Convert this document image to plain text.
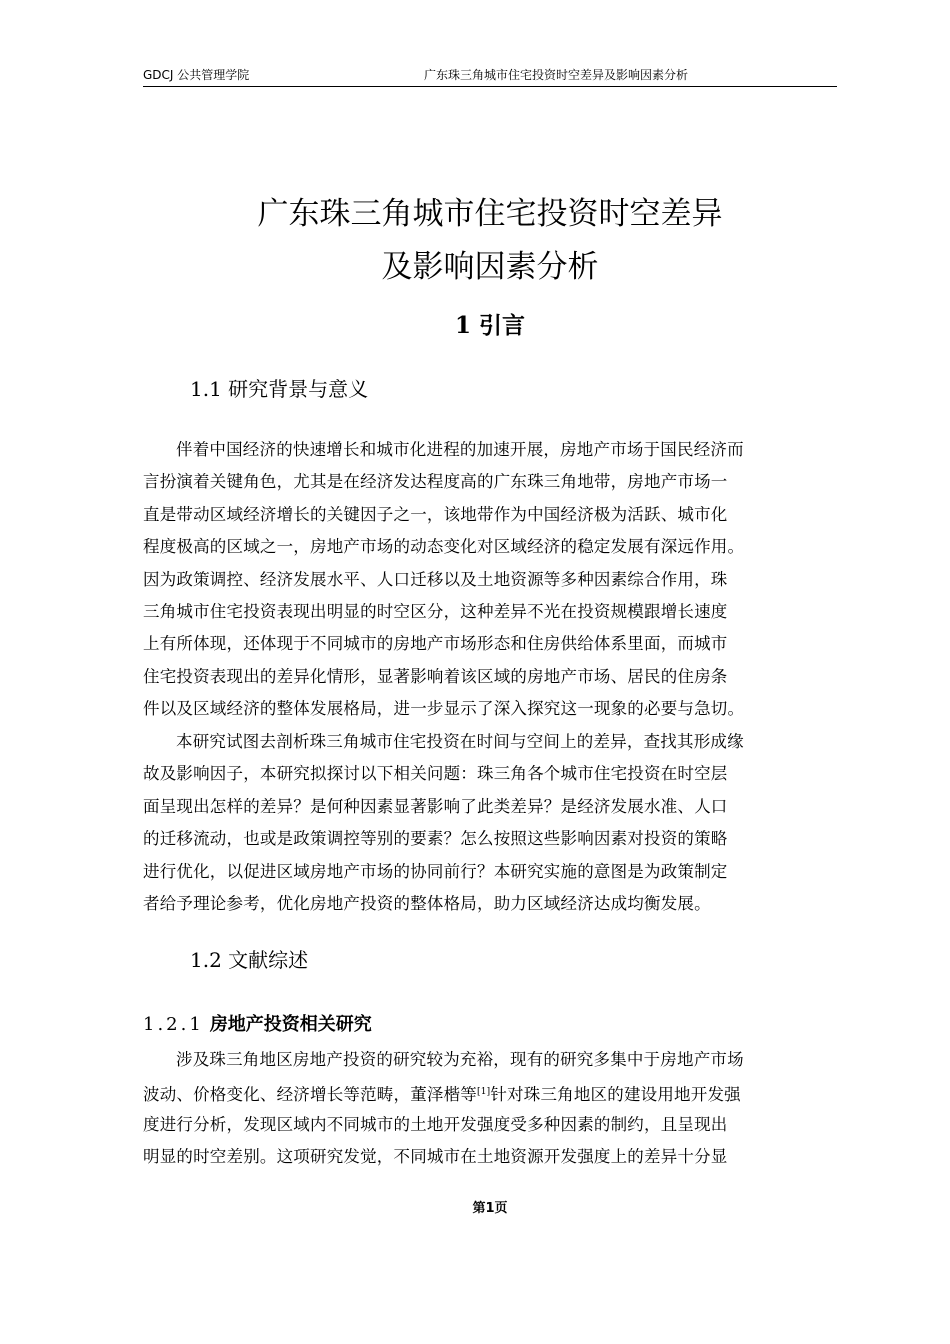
GDCJ 公共管理学院	广东珠三角城市住宅投资时空差异及影响因素分析
广东珠三角城市住宅投资时空差异
及影响因素分析
1 引言
1.1 研究背景与意义
伴着中国经济的快速增长和城市化进程的加速开展，房地产市场于国民经济而
言扮演着关键角色，尤其是在经济发达程度高的广东珠三角地带，房地产市场一
直是带动区域经济增长的关键因子之一，该地带作为中国经济极为活跃、城市化
程度极高的区域之一，房地产市场的动态变化对区域经济的稳定发展有深远作用。
因为政策调控、经济发展水平、人口迁移以及土地资源等多种因素综合作用，珠
三角城市住宅投资表现出明显的时空区分，这种差异不光在投资规模跟增长速度
上有所体现，还体现于不同城市的房地产市场形态和住房供给体系里面，而城市
住宅投资表现出的差异化情形，显著影响着该区域的房地产市场、居民的住房条
件以及区域经济的整体发展格局，进一步显示了深入探究这一现象的必要与急切。
本研究试图去剖析珠三角城市住宅投资在时间与空间上的差异，查找其形成缘
故及影响因子，本研究拟探讨以下相关问题：珠三角各个城市住宅投资在时空层
面呈现出怎样的差异？是何种因素显著影响了此类差异？是经济发展水准、人口
的迁移流动，也或是政策调控等别的要素？怎么按照这些影响因素对投资的策略
进行优化，以促进区域房地产市场的协同前行？本研究实施的意图是为政策制定
者给予理论参考，优化房地产投资的整体格局，助力区域经济达成均衡发展。
1.2 文献综述
1.2.1 房地产投资相关研究
涉及珠三角地区房地产投资的研究较为充裕，现有的研究多集中于房地产市场
波动、价格变化、经济增长等范畴，董泽楷等[1]针对珠三角地区的建设用地开发强
度进行分析，发现区域内不同城市的土地开发强度受多种因素的制约，且呈现出
明显的时空差别。这项研究发觉，不同城市在土地资源开发强度上的差异十分显
第1页
